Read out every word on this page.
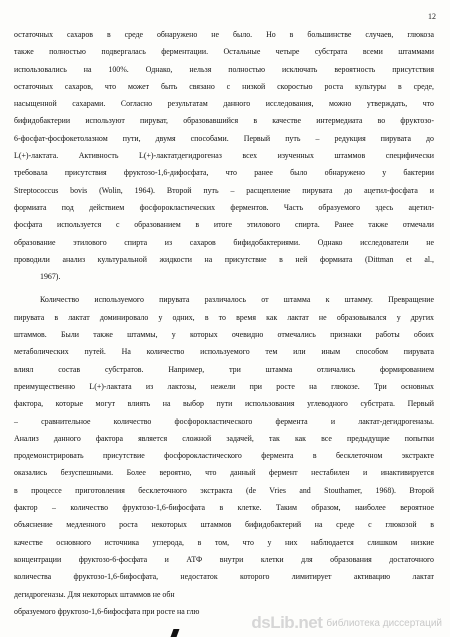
12
остаточных сахаров в среде обнаружено не было. Но в большинстве случаев, глюкоза
также полностью подвергалась ферментации. Остальные четыре субстрата всеми штаммами
использовались на 100%. Однако, нельзя полностью исключать вероятность присутствия
остаточных сахаров, что может быть связано с низкой скоростью роста культуры в среде,
насыщенной сахарами. Согласно результатам данного исследования, можно утверждать, что
бифидобактерии используют пируват, образовавшийся в качестве интермедиата во фруктозо-
6-фосфат-фосфокетолазном пути, двумя способами. Первый путь – редукция пирувата до
L(+)-лактата. Активность L(+)-лактатдегидрогеназ всех изученных штаммов специфически
требовала присутствия фруктозо-1,6-дифосфата, что ранее было обнаружено у бактерии
Streptococcus bovis (Wolin, 1964). Второй путь – расщепление пирувата до ацетил-фосфата и
формиата под действием фосфорокластических ферментов. Часть образуемого здесь ацетил-
фосфата используется с образованием в итоге этилового спирта. Ранее также отмечали
образование этилового спирта из сахаров бифидобактериями. Однако исследователи не
проводили анализ культуральной жидкости на присутствие в ней формиата (Dittman et al.,
1967).
Количество используемого пирувата различалось от штамма к штамму. Превращение
пирувата в лактат доминировало у одних, в то время как лактат не образовывался у других
штаммов. Были также штаммы, у которых очевидно отмечались признаки работы обоих
метаболических путей. На количество используемого тем или иным способом пирувата
влиял состав субстратов. Например, три штамма отличались формированием
преимущественно L(+)-лактата из лактозы, нежели при росте на глюкозе. Три основных
фактора, которые могут влиять на выбор пути использования углеводного субстрата. Первый
– сравнительное количество фосфорокластического фермента и лактат-дегидрогеназы.
Анализ данного фактора является сложной задачей, так как все предыдущие попытки
продемонстрировать присутствие фосфорокластического фермента в бесклеточном экстракте
оказались безуспешными. Более вероятно, что данный фермент нестабилен и инактивируется
в процессе приготовления бесклеточного экстракта (de Vries and Stouthamer, 1968). Второй
фактор – количество фруктозо-1,6-бифосфата в клетке. Таким образом, наиболее вероятное
объяснение медленного роста некоторых штаммов бифидобактерий на среде с глюкозой в
качестве основного источника углерода, в том, что у них наблюдается слишком низкие
концентрации фруктозо-6-фосфата и АТФ внутри клетки для образования достаточного
количества фруктозо-1,6-бифосфата, недостаток которого лимитирует активацию лактат
дегидрогеназы. Для некоторых штаммов не обн
образуемого фруктозо-1,6-бифосфата при росте на глю
dsLib.net библиотека диссертаций
